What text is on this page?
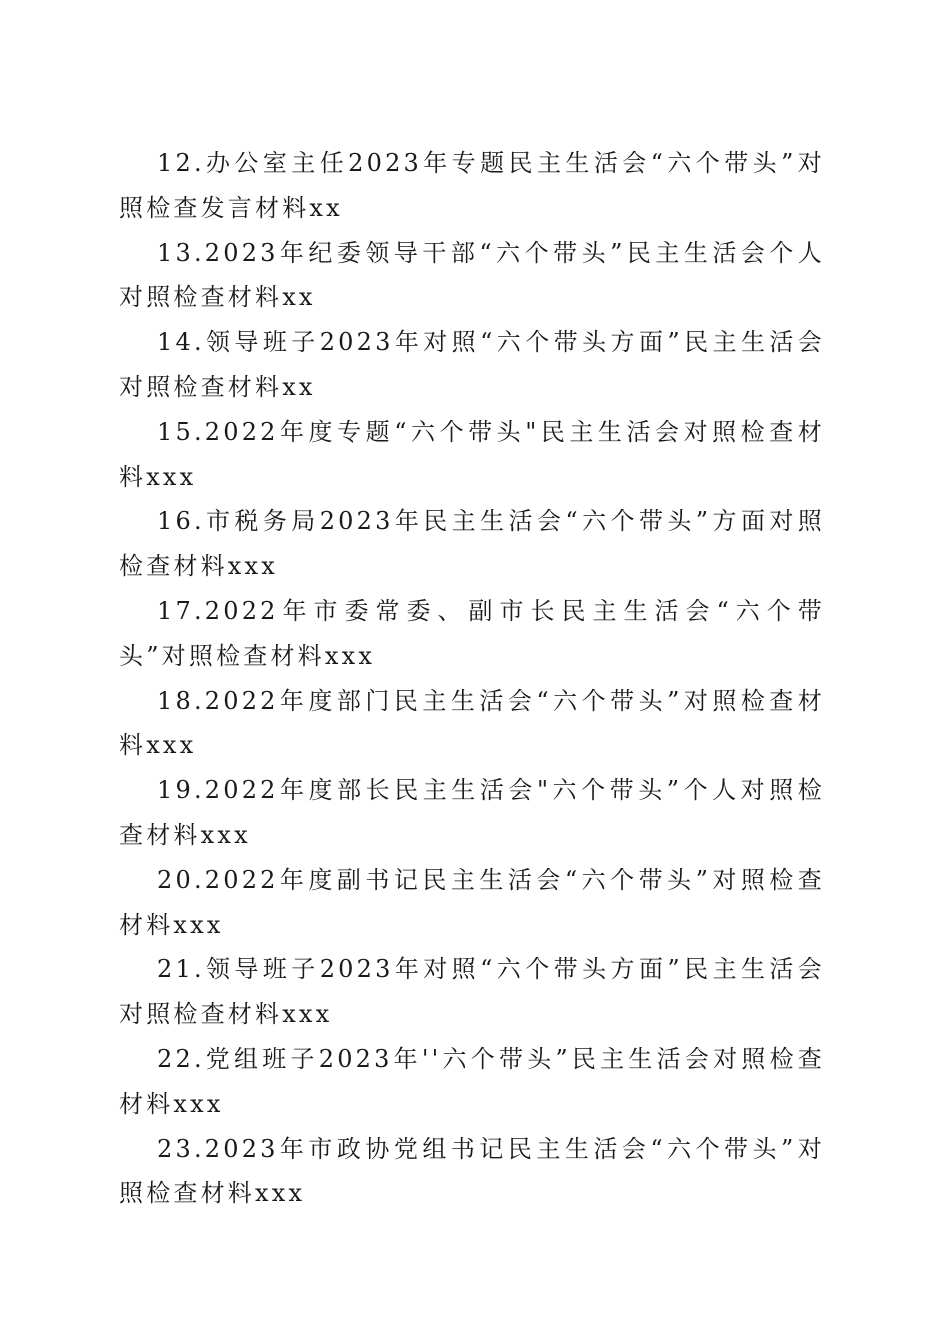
12.办公室主任2023年专题民主生活会“六个带头”对照检查发言材料xx

13.2023年纪委领导干部“六个带头”民主生活会个人对照检查材料xx

14.领导班子2023年对照“六个带头方面”民主生活会对照检查材料xx

15.2022年度专题“六个带头"民主生活会对照检查材料xxx

16.市税务局2023年民主生活会“六个带头”方面对照检查材料xxx

17.2022年市委常委、副市长民主生活会“六个带头”对照检查材料xxx

18.2022年度部门民主生活会“六个带头”对照检查材料xxx

19.2022年度部长民主生活会"六个带头”个人对照检查材料xxx

20.2022年度副书记民主生活会“六个带头”对照检查材料xxx

21.领导班子2023年对照“六个带头方面”民主生活会对照检查材料xxx

22.党组班子2023年''六个带头”民主生活会对照检查材料xxx

23.2023年市政协党组书记民主生活会“六个带头”对照检查材料xxx
